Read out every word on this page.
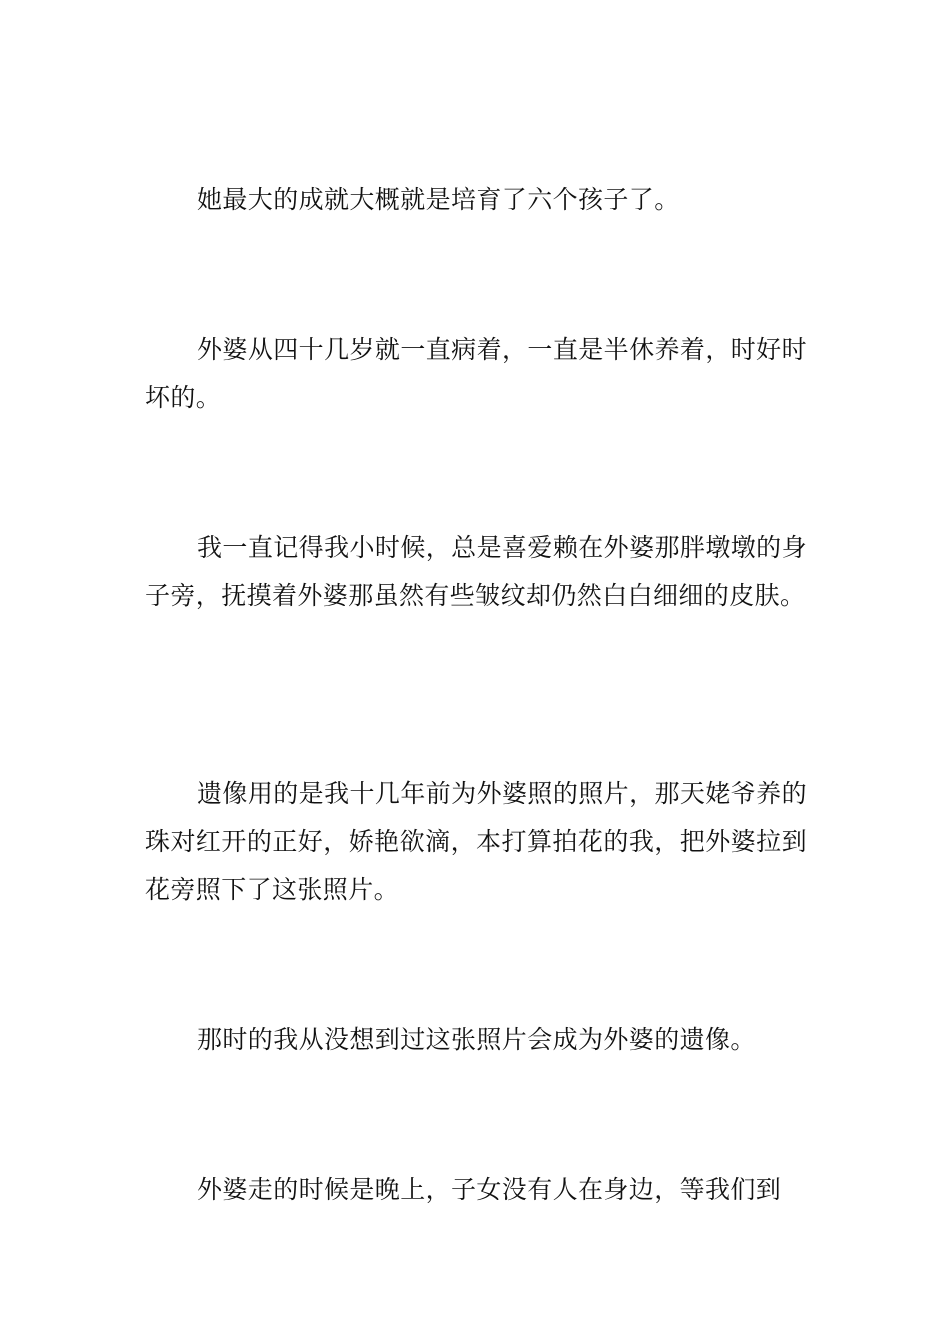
她最大的成就大概就是培育了六个孩子了。

外婆从四十几岁就一直病着，一直是半休养着，时好时坏的。

我一直记得我小时候，总是喜爱赖在外婆那胖墩墩的身子旁，抚摸着外婆那虽然有些皱纹却仍然白白细细的皮肤。

遗像用的是我十几年前为外婆照的照片，那天姥爷养的珠对红开的正好，娇艳欲滴，本打算拍花的我，把外婆拉到花旁照下了这张照片。

那时的我从没想到过这张照片会成为外婆的遗像。

外婆走的时候是晚上，子女没有人在身边，等我们到
